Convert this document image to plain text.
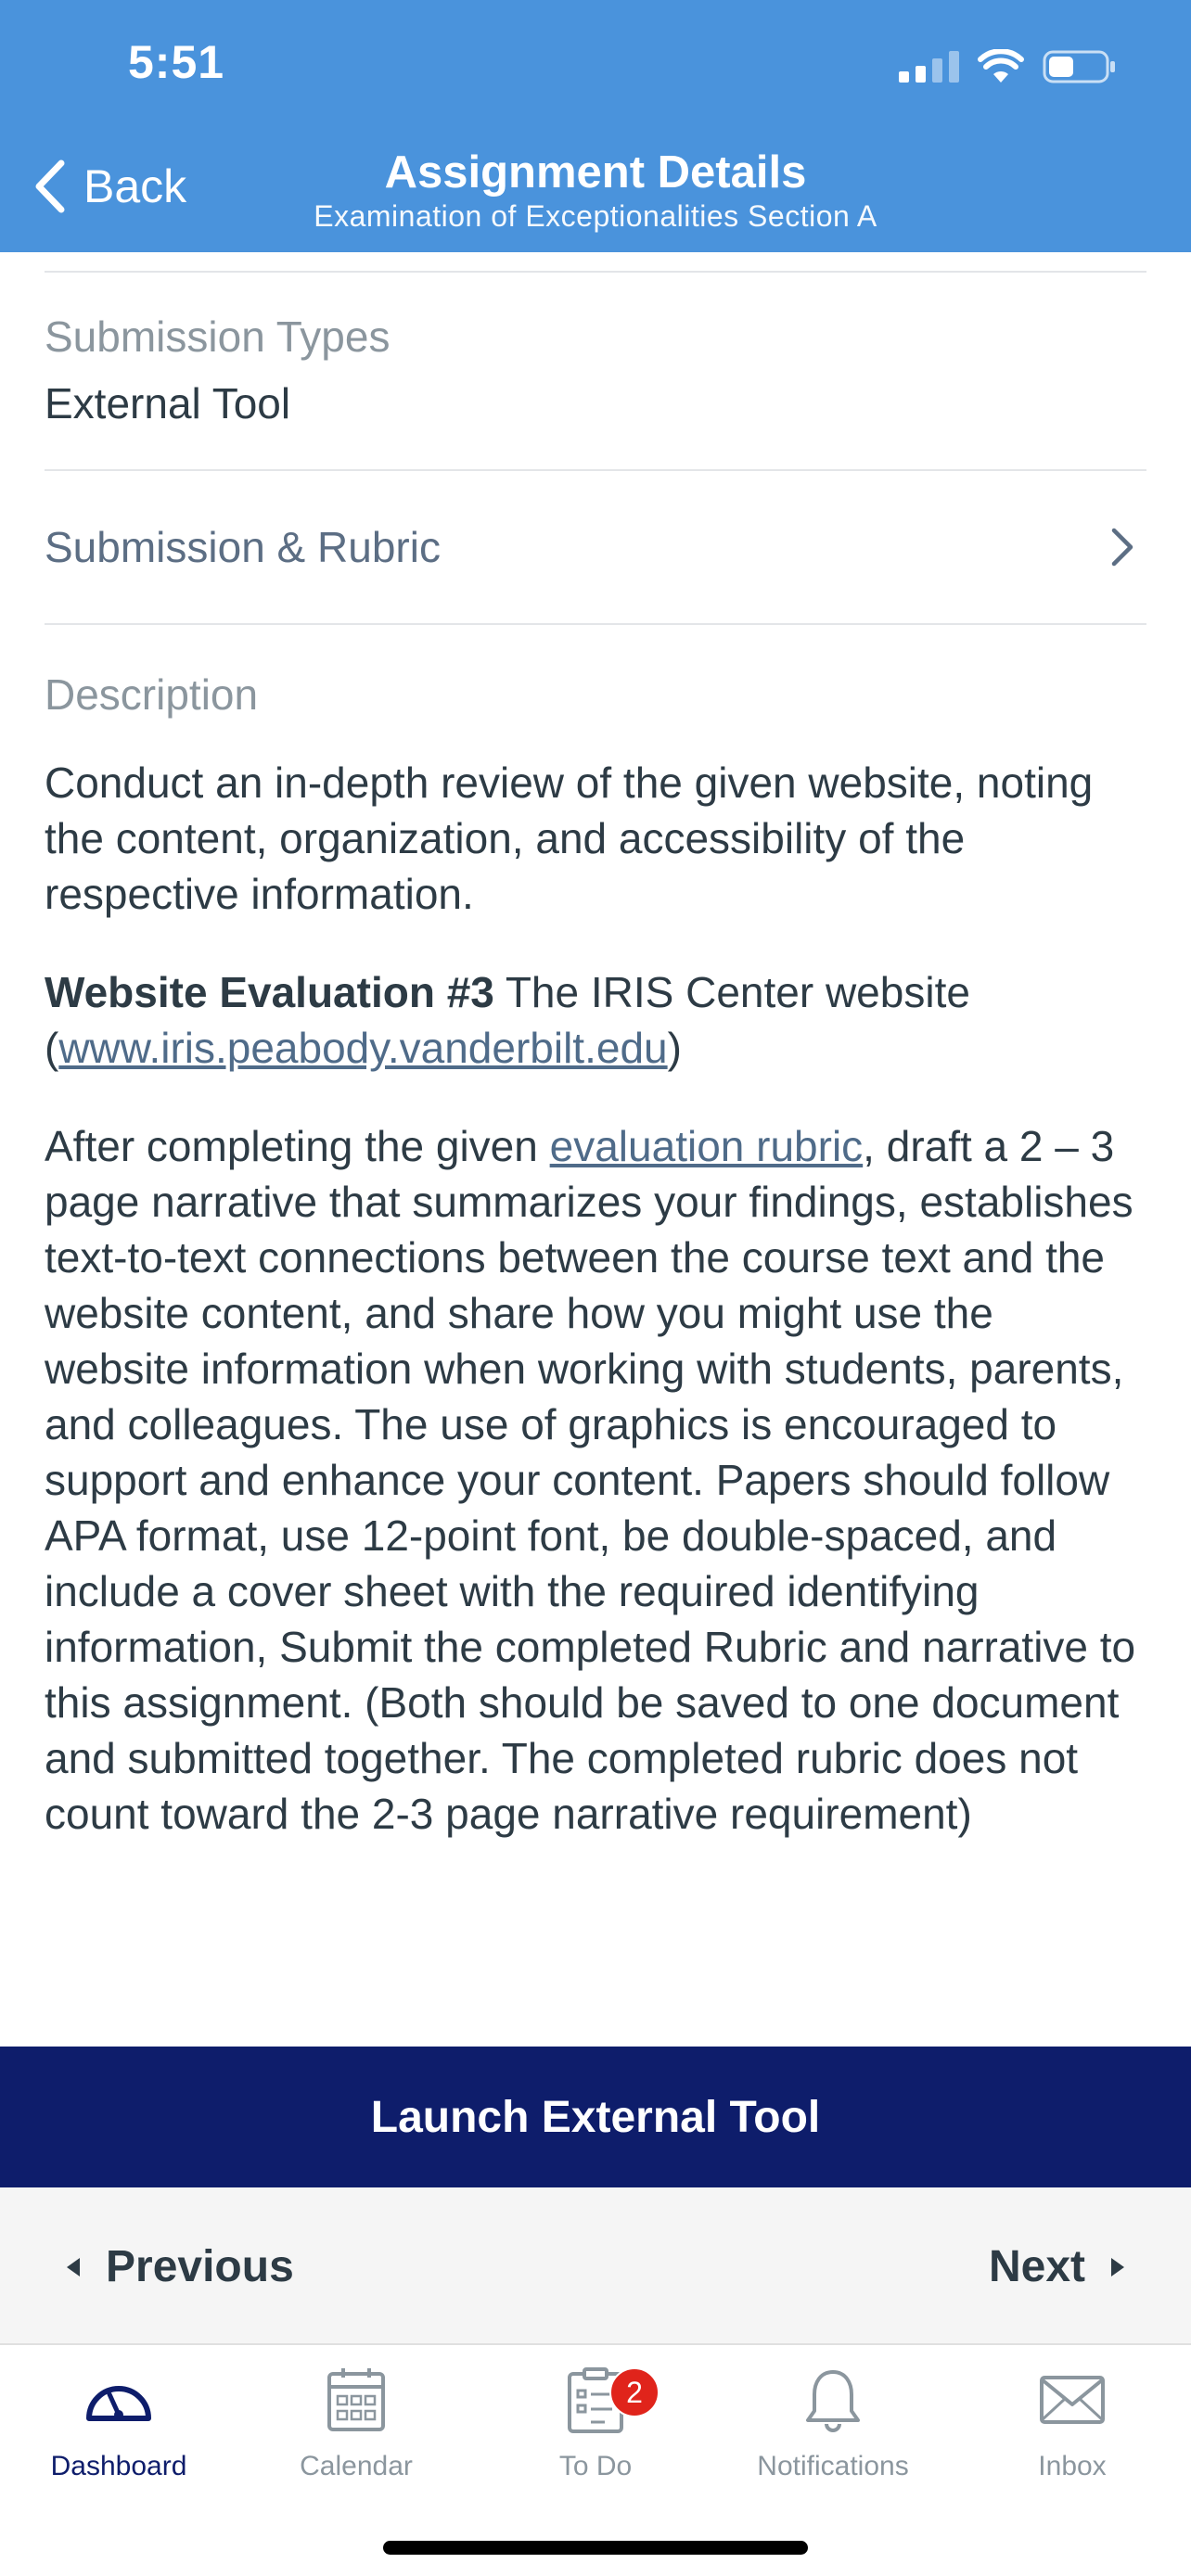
5:51
Back	Assignment Details
Examination of Exceptionalities Section A
Submission Types
External Tool
Submission & Rubric
Description

Conduct an in-depth review of the given website, noting the content, organization, and accessibility of the respective information.

Website Evaluation #3 The IRIS Center website (www.iris.peabody.vanderbilt.edu)

After completing the given evaluation rubric, draft a 2 – 3 page narrative that summarizes your findings, establishes text-to-text connections between the course text and the website content, and share how you might use the website information when working with students, parents, and colleagues. The use of graphics is encouraged to support and enhance your content. Papers should follow APA format, use 12-point font, be double-spaced, and include a cover sheet with the required identifying information, Submit the completed Rubric and narrative to this assignment. (Both should be saved to one document and submitted together. The completed rubric does not count toward the 2-3 page narrative requirement)

Launch External Tool
Previous	Next
Dashboard	Calendar
2
To Do	Notifications	Inbox
